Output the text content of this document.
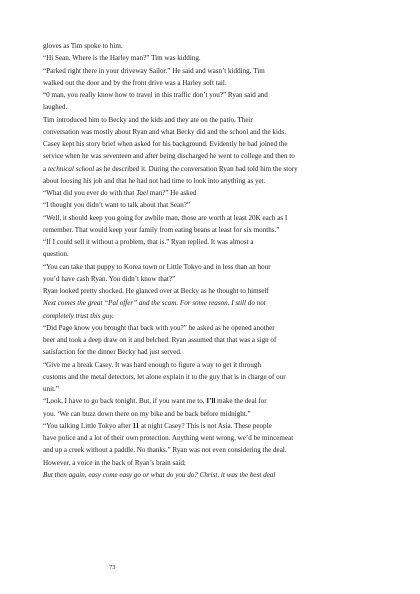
gloves as Tim spoke to him.
“Hi Sean. Where is the Harley man?” Tim was kidding.
“Parked right there in your driveway Sailor.” He said and wasn’t kidding. Tim
walked out the door and by the front drive was a Harley soft tail.
“0 man, you really know how to travel in this traffic don’t you?” Ryan said and
laughed.
Tim introduced him to Becky and the kids and they ate on the patio. Their
conversation was mostly about Ryan and what Becky did and the school and the kids.
Casey kept his story brief when asked for his background. Evidently he had joined the
service when he was seventeen and after being discharged he went to college and then to
a technical school as he described it. During the conversation Ryan had told him the story
about loosing his job and that he had not had time to look into anything as yet.
“What did you ever do with that Tael man?” He asked
“I thought you didn’t want to talk about that Sean?”
“Well, it should keep you going for awhile man, those are worth at least 20K each as I
remember. That would keep your family from eating beans at least for six months.”
“If I could sell it without a problem, that is.” Ryan replied. It was almost a
question.
“You can take that puppy to Korea town or Little Tokyo and in less than an hour
you’d have cash Ryan. You didn’t know that?”
Ryan looked pretty shocked. He glanced over at Becky as he thought to himself
Next comes the great “Pal offer” and the scam. For some reason, I still do not
completely trust this guy.
“Did Page know you brought that back with you?” he asked as he opened another
beer and took a deep draw on it and belched. Ryan assumed that that was a sign of
satisfaction for the dinner Becky had just served.
“Give me a break Casey. It was hard enough to figure a way to get it through
customs and the metal detectors, let alone explain it to the guy that is in charge of our
unit.”
“Look, I have to go back tonight. But, if you want me to, I’ll make the deal for
you. ‘We can buzz down there on my bike and be back before midnight.”
“You talking Little Tokyo after 11 at night Casey? This is not Asia. These people
have police and a lot of their own protection. Anything went wrong, we’d be mincemeat
and up a creek without a paddle. No thanks.” Ryan was not even considering the deal.
However, a voice in the back of Ryan’s brain said;
But then again, easy come easy go or what do you do? Christ, it was the best deal
73
